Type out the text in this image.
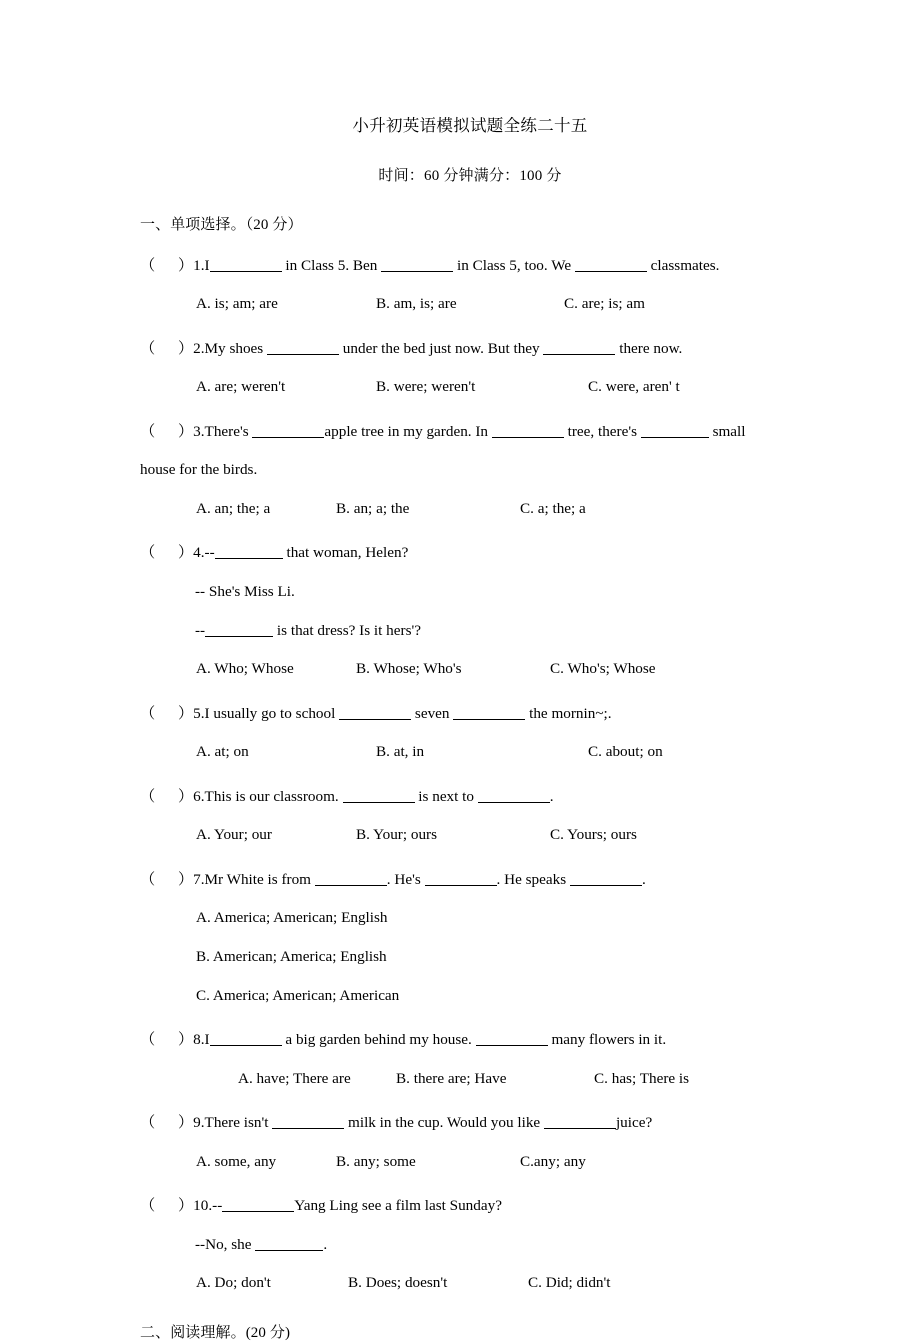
小升初英语模拟试题全练二十五
时间：60 分钟满分：100 分
一、单项选择。（20 分）
（      ）1.I	in Class 5. Ben	in Class 5, too. We	classmates.
A. is; am; are	B. am, is; are	C. are; is; am
（      ）2.My shoes	under the bed just now. But they	there now.
A. are; weren't	B. were; weren't	C. were, aren' t
（      ）3.There's	apple tree in my garden. In	tree, there's	small
house for the birds.
A. an; the; a	B. an; a; the	C. a; the; a
（      ）4.--	that woman, Helen?
-- She's Miss Li.
--	is that dress? Is it hers'?
A. Who; Whose	B. Whose; Who's	C. Who's; Whose
（      ）5.I usually go to school	seven	the mornin~;.
A. at; on	B. at, in	C. about; on
（      ）6.This is our classroom.	is next to	.
A. Your; our	B. Your; ours	C. Yours; ours
（      ）7.Mr White is from	. He's	. He speaks	.
A. America; American; English
B. American; America; English
C. America; American; American
（      ）8.I	a big garden behind my house.	many flowers in it.
A. have; There are	B. there are; Have	C. has; There is
（      ）9.There isn't	milk in the cup. Would you like	juice?
A. some, any	B. any; some	C.any; any
（      ）10.--	Yang Ling see a film last Sunday?
--No, she	.
A. Do; don't	B. Does; doesn't	C. Did; didn't
二、阅读理解。(20 分)
